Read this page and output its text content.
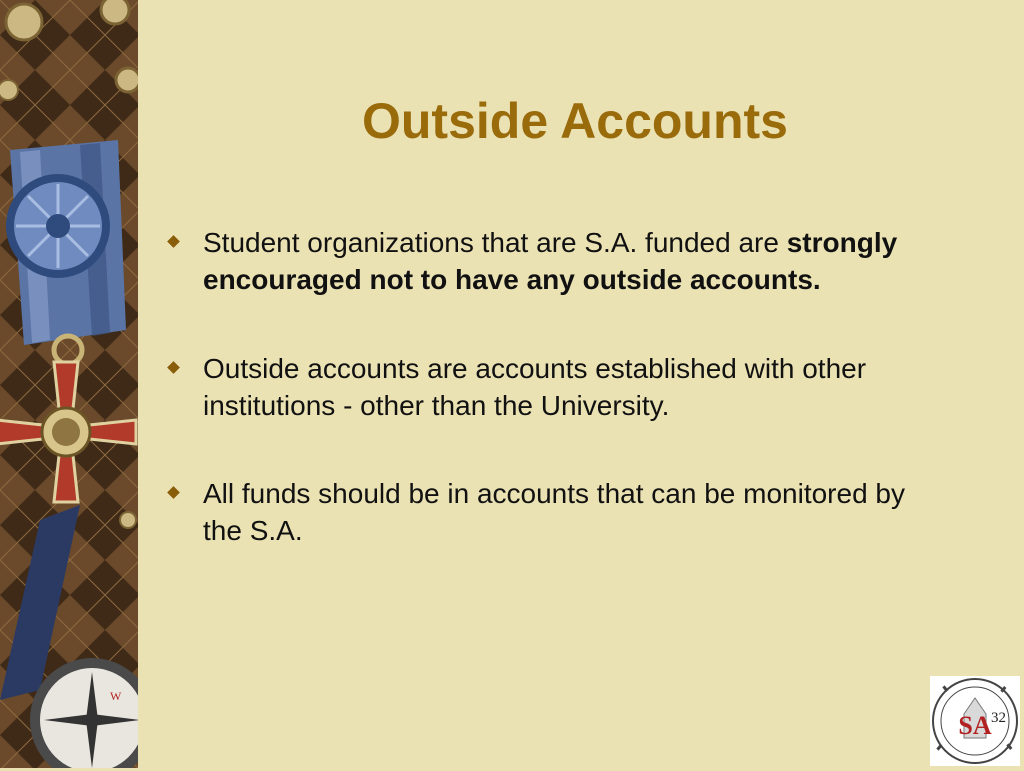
W
Outside Accounts
Student organizations that are S.A. funded are strongly encouraged not to have any outside accounts.
Outside accounts are accounts established with other institutions - other than the University.
All funds should be in accounts that can be monitored by the S.A.
SA 32
